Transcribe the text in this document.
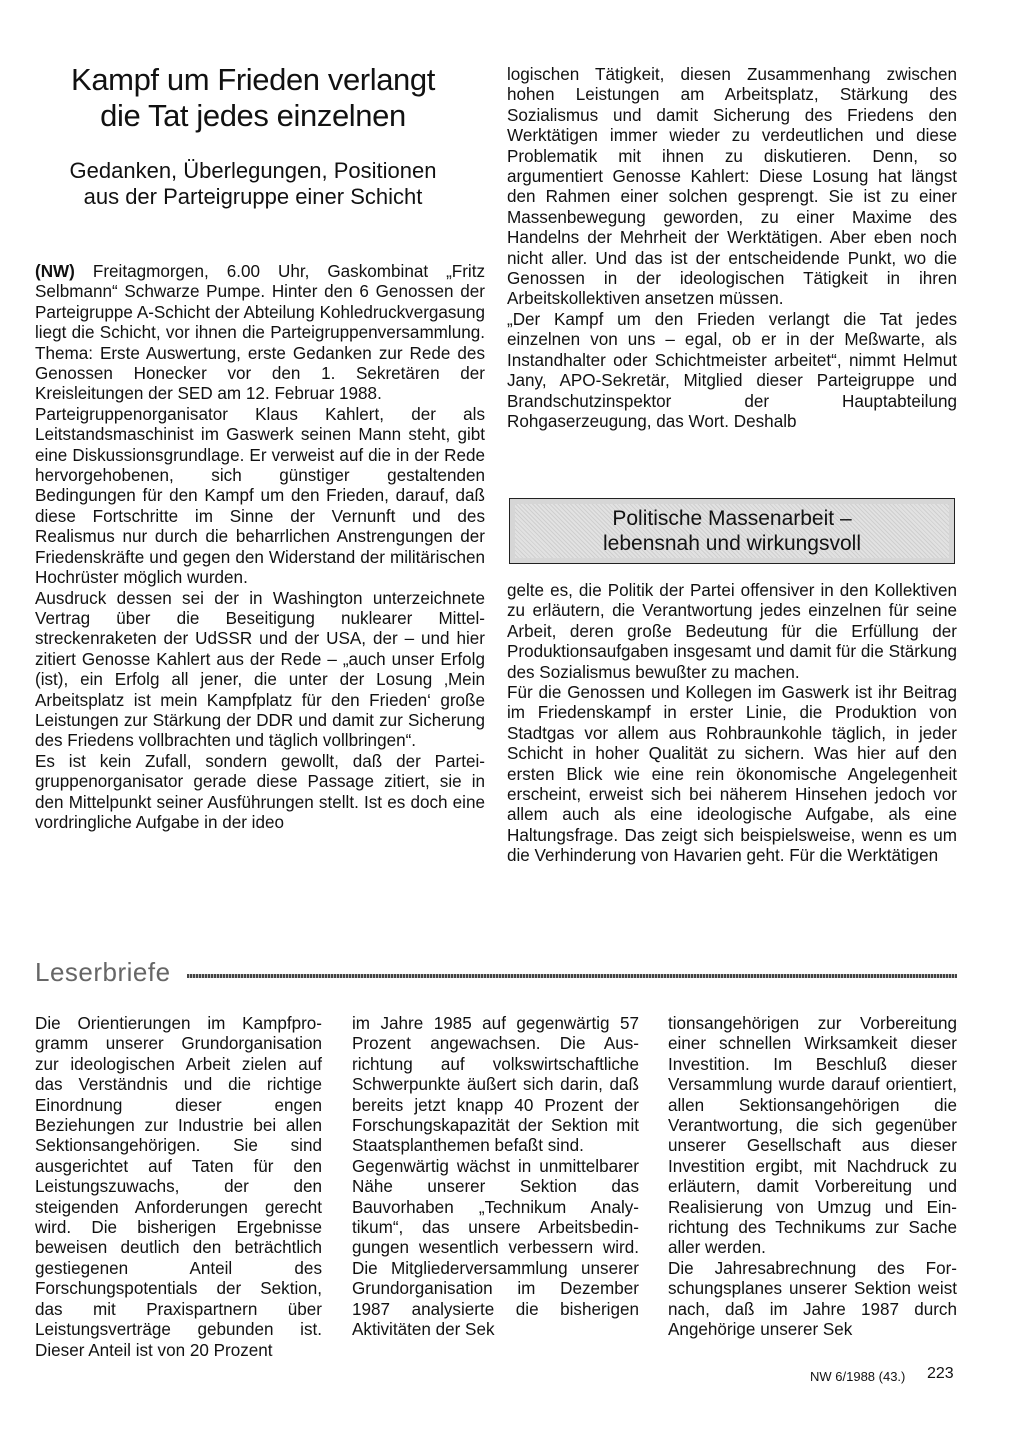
Kampf um Frieden verlangt
die Tat jedes einzelnen
Gedanken, Überlegungen, Positionen
aus der Parteigruppe einer Schicht

(NW) Freitagmorgen, 6.00 Uhr, Gaskombinat „Fritz Selbmann“ Schwarze Pumpe. Hinter den 6 Genossen der Parteigruppe A-Schicht der Abteilung Kohledruckvergasung liegt die Schicht, vor ihnen die Parteigruppenversammlung. Thema: Erste Auswertung, erste Gedanken zur Rede des Genossen Honecker vor den 1. Sekretären der Kreisleitungen der SED am 12. Februar 1988.

Parteigruppenorganisator Klaus Kahlert, der als Leitstandsmaschinist im Gaswerk seinen Mann steht, gibt eine Diskussionsgrundlage. Er verweist auf die in der Rede hervorgehobenen, sich günstiger gestaltenden Bedingungen für den Kampf um den Frieden, darauf, daß diese Fortschritte im Sinne der Vernunft und des Realismus nur durch die beharrlichen Anstrengungen der Friedenskräfte und gegen den Widerstand der militärischen Hochrüster möglich wurden.

Ausdruck dessen sei der in Washington unterzeichnete Vertrag über die Beseitigung nuklearer Mittelstreckenraketen der UdSSR und der USA, der – und hier zitiert Genosse Kahlert aus der Rede – „auch unser Erfolg (ist), ein Erfolg all jener, die unter der Losung ‚Mein Arbeitsplatz ist mein Kampfplatz für den Frieden‘ große Leistungen zur Stärkung der DDR und damit zur Sicherung des Friedens vollbrachten und täglich vollbringen“.

Es ist kein Zufall, sondern gewollt, daß der Parteigruppenorganisator gerade diese Passage zitiert, sie in den Mittelpunkt seiner Ausführungen stellt. Ist es doch eine vordringliche Aufgabe in der ideo

logischen Tätigkeit, diesen Zusammenhang zwischen hohen Leistungen am Arbeitsplatz, Stärkung des Sozialismus und damit Sicherung des Friedens den Werktätigen immer wieder zu verdeutlichen und diese Problematik mit ihnen zu diskutieren. Denn, so argumentiert Genosse Kahlert: Diese Losung hat längst den Rahmen einer solchen gesprengt. Sie ist zu einer Massenbewegung geworden, zu einer Maxime des Handelns der Mehrheit der Werktätigen. Aber eben noch nicht aller. Und das ist der entscheidende Punkt, wo die Genossen in der ideologischen Tätigkeit in ihren Arbeitskollektiven ansetzen müssen.

„Der Kampf um den Frieden verlangt die Tat jedes einzelnen von uns – egal, ob er in der Meßwarte, als Instandhalter oder Schichtmeister arbeitet“, nimmt Helmut Jany, APO-Sekretär, Mitglied dieser Parteigruppe und Brandschutzinspektor der Hauptabteilung Rohgaserzeugung, das Wort. Deshalb

Politische Massenarbeit –
lebensnah und wirkungsvoll

gelte es, die Politik der Partei offensiver in den Kollektiven zu erläutern, die Verantwortung jedes einzelnen für seine Arbeit, deren große Bedeutung für die Erfüllung der Produktionsaufgaben insgesamt und damit für die Stärkung des Sozialismus bewußter zu machen.

Für die Genossen und Kollegen im Gaswerk ist ihr Beitrag im Friedenskampf in erster Linie, die Produktion von Stadtgas vor allem aus Rohbraunkohle täglich, in jeder Schicht in hoher Qualität zu sichern. Was hier auf den ersten Blick wie eine rein ökonomische Angelegenheit erscheint, erweist sich bei näherem Hinsehen jedoch vor allem auch als eine ideologische Aufgabe, als eine Haltungsfrage. Das zeigt sich beispielsweise, wenn es um die Verhinderung von Havarien geht. Für die Werktätigen

Leserbriefe

Die Orientierungen im Kampfprogramm unserer Grundorganisation zur ideologischen Arbeit zielen auf das Verständnis und die richtige Einordnung dieser engen Beziehungen zur Industrie bei allen Sektionsangehörigen. Sie sind ausgerichtet auf Taten für den Leistungszuwachs, der den steigenden Anforderungen gerecht wird. Die bisherigen Ergebnisse beweisen deutlich den beträchtlich gestiegenen Anteil des Forschungspotentials der Sektion, das mit Praxispartnern über Leistungsverträge gebunden ist. Dieser Anteil ist von 20 Prozent

im Jahre 1985 auf gegenwärtig 57 Prozent angewachsen. Die Ausrichtung auf volkswirtschaftliche Schwerpunkte äußert sich darin, daß bereits jetzt knapp 40 Prozent der Forschungskapazität der Sektion mit Staatsplanthemen befaßt sind.

Gegenwärtig wächst in unmittelbarer Nähe unserer Sektion das Bauvorhaben „Technikum Analytikum“, das unsere Arbeitsbedingungen wesentlich verbessern wird. Die Mitgliederversammlung unserer Grundorganisation im Dezember 1987 analysierte die bisherigen Aktivitäten der Sek

tionsangehörigen zur Vorbereitung einer schnellen Wirksamkeit dieser Investition. Im Beschluß dieser Versammlung wurde darauf orientiert, allen Sektionsangehörigen die Verantwortung, die sich gegenüber unserer Gesellschaft aus dieser Investition ergibt, mit Nachdruck zu erläutern, damit Vorbereitung und Realisierung von Umzug und Einrichtung des Technikums zur Sache aller werden.

Die Jahresabrechnung des Forschungsplanes unserer Sektion weist nach, daß im Jahre 1987 durch Angehörige unserer Sek

NW 6/1988 (43.) 223
